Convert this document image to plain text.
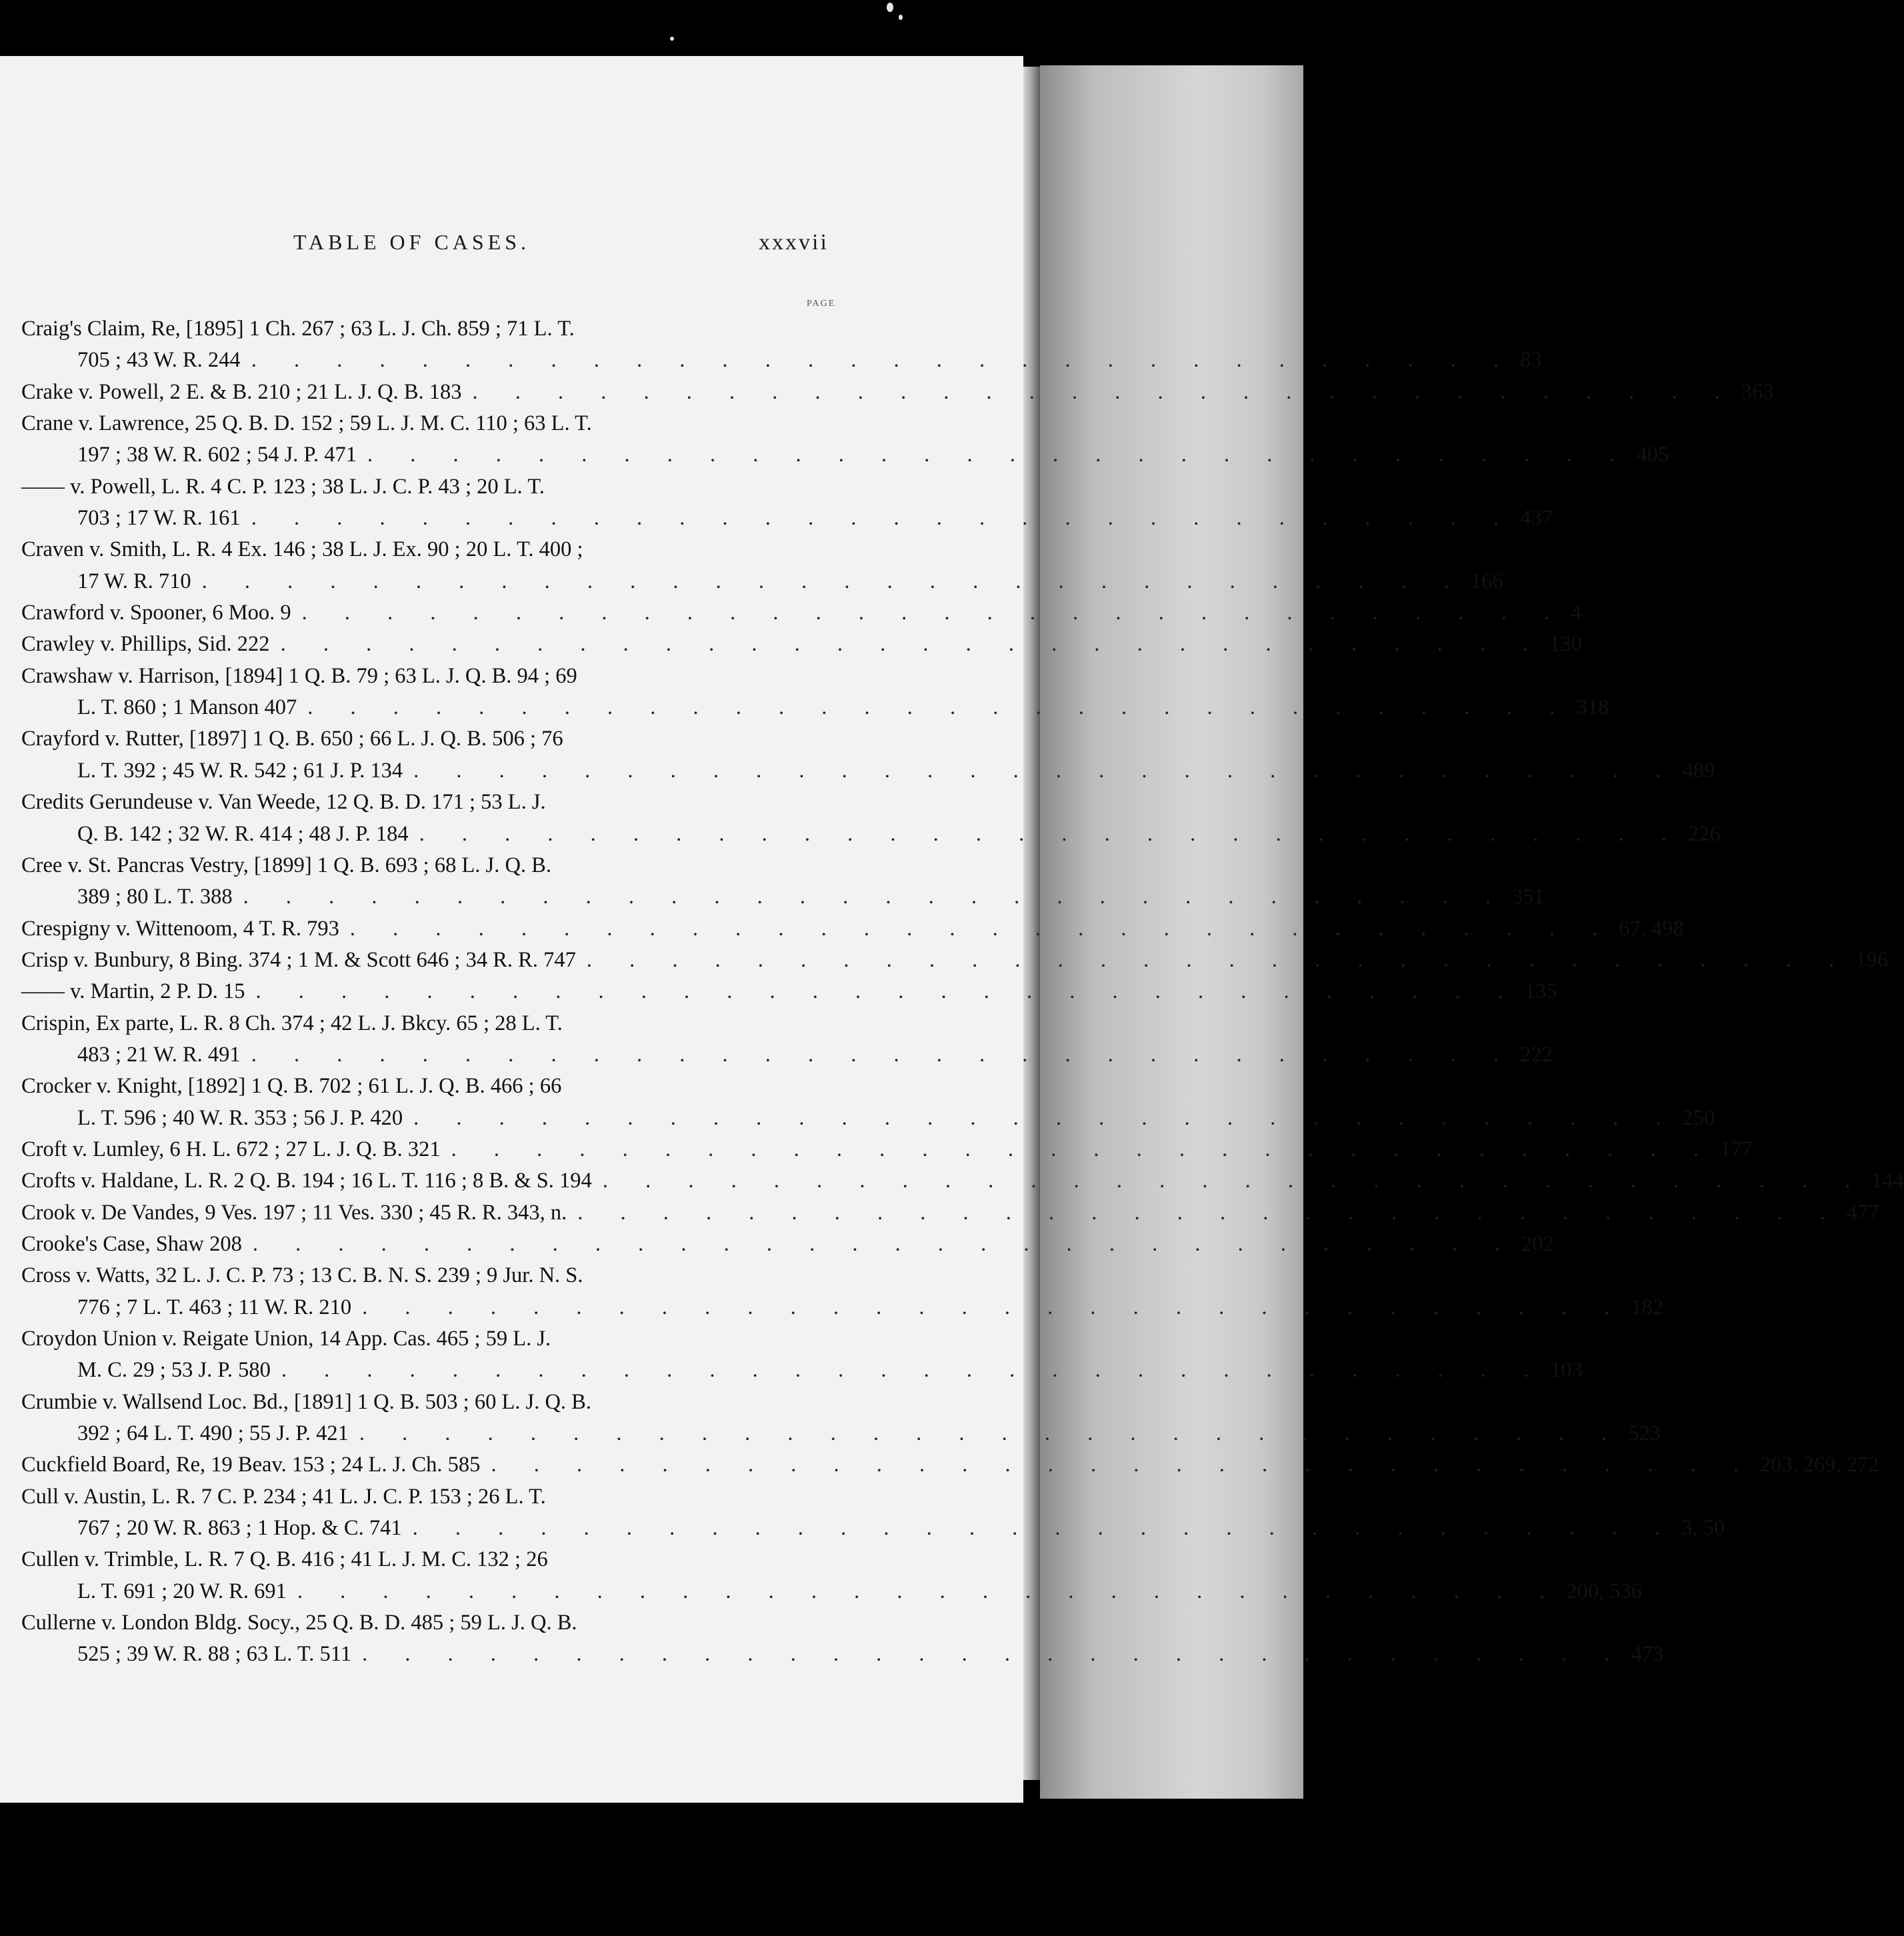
TABLE OF CASES.	xxxvii
PAGE
Craig's Claim, Re, [1895] 1 Ch. 267 ; 63 L. J. Ch. 859 ; 71 L. T.
705 ; 43 W. R. 244 . . . . . . . . . . . . . . . . . . . . . . . . . . . . . . 83
Crake v. Powell, 2 E. & B. 210 ; 21 L. J. Q. B. 183 . . . . . . . . . . . . . . . . . . . . . . . . . . . . . . 363
Crane v. Lawrence, 25 Q. B. D. 152 ; 59 L. J. M. C. 110 ; 63 L. T.
197 ; 38 W. R. 602 ; 54 J. P. 471 . . . . . . . . . . . . . . . . . . . . . . . . . . . . . . 405
—— v. Powell, L. R. 4 C. P. 123 ; 38 L. J. C. P. 43 ; 20 L. T.
703 ; 17 W. R. 161 . . . . . . . . . . . . . . . . . . . . . . . . . . . . . . 437
Craven v. Smith, L. R. 4 Ex. 146 ; 38 L. J. Ex. 90 ; 20 L. T. 400 ;
17 W. R. 710 . . . . . . . . . . . . . . . . . . . . . . . . . . . . . . 166
Crawford v. Spooner, 6 Moo. 9 . . . . . . . . . . . . . . . . . . . . . . . . . . . . . . 4
Crawley v. Phillips, Sid. 222 . . . . . . . . . . . . . . . . . . . . . . . . . . . . . . 130
Crawshaw v. Harrison, [1894] 1 Q. B. 79 ; 63 L. J. Q. B. 94 ; 69
L. T. 860 ; 1 Manson 407 . . . . . . . . . . . . . . . . . . . . . . . . . . . . . . 318
Crayford v. Rutter, [1897] 1 Q. B. 650 ; 66 L. J. Q. B. 506 ; 76
L. T. 392 ; 45 W. R. 542 ; 61 J. P. 134 . . . . . . . . . . . . . . . . . . . . . . . . . . . . . . 489
Credits Gerundeuse v. Van Weede, 12 Q. B. D. 171 ; 53 L. J.
Q. B. 142 ; 32 W. R. 414 ; 48 J. P. 184 . . . . . . . . . . . . . . . . . . . . . . . . . . . . . . 226
Cree v. St. Pancras Vestry, [1899] 1 Q. B. 693 ; 68 L. J. Q. B.
389 ; 80 L. T. 388 . . . . . . . . . . . . . . . . . . . . . . . . . . . . . . 351
Crespigny v. Wittenoom, 4 T. R. 793 . . . . . . . . . . . . . . . . . . . . . . . . . . . . . . 67, 498
Crisp v. Bunbury, 8 Bing. 374 ; 1 M. & Scott 646 ; 34 R. R. 747 . . . . . . . . . . . . . . . . . . . . . . . . . . . . . . 196
—— v. Martin, 2 P. D. 15 . . . . . . . . . . . . . . . . . . . . . . . . . . . . . . 135
Crispin, Ex parte, L. R. 8 Ch. 374 ; 42 L. J. Bkcy. 65 ; 28 L. T.
483 ; 21 W. R. 491 . . . . . . . . . . . . . . . . . . . . . . . . . . . . . . 222
Crocker v. Knight, [1892] 1 Q. B. 702 ; 61 L. J. Q. B. 466 ; 66
L. T. 596 ; 40 W. R. 353 ; 56 J. P. 420 . . . . . . . . . . . . . . . . . . . . . . . . . . . . . . 250
Croft v. Lumley, 6 H. L. 672 ; 27 L. J. Q. B. 321 . . . . . . . . . . . . . . . . . . . . . . . . . . . . . . 177
Crofts v. Haldane, L. R. 2 Q. B. 194 ; 16 L. T. 116 ; 8 B. & S. 194 . . . . . . . . . . . . . . . . . . . . . . . . . . . . . . 144
Crook v. De Vandes, 9 Ves. 197 ; 11 Ves. 330 ; 45 R. R. 343, n. . . . . . . . . . . . . . . . . . . . . . . . . . . . . . . 477
Crooke's Case, Shaw 208 . . . . . . . . . . . . . . . . . . . . . . . . . . . . . . 202
Cross v. Watts, 32 L. J. C. P. 73 ; 13 C. B. N. S. 239 ; 9 Jur. N. S.
776 ; 7 L. T. 463 ; 11 W. R. 210 . . . . . . . . . . . . . . . . . . . . . . . . . . . . . . 182
Croydon Union v. Reigate Union, 14 App. Cas. 465 ; 59 L. J.
M. C. 29 ; 53 J. P. 580 . . . . . . . . . . . . . . . . . . . . . . . . . . . . . . 103
Crumbie v. Wallsend Loc. Bd., [1891] 1 Q. B. 503 ; 60 L. J. Q. B.
392 ; 64 L. T. 490 ; 55 J. P. 421 . . . . . . . . . . . . . . . . . . . . . . . . . . . . . . 523
Cuckfield Board, Re, 19 Beav. 153 ; 24 L. J. Ch. 585 . . . . . . . . . . . . . . . . . . . . . . . . . . . . . . 203, 269, 272
Cull v. Austin, L. R. 7 C. P. 234 ; 41 L. J. C. P. 153 ; 26 L. T.
767 ; 20 W. R. 863 ; 1 Hop. & C. 741 . . . . . . . . . . . . . . . . . . . . . . . . . . . . . . 3, 50
Cullen v. Trimble, L. R. 7 Q. B. 416 ; 41 L. J. M. C. 132 ; 26
L. T. 691 ; 20 W. R. 691 . . . . . . . . . . . . . . . . . . . . . . . . . . . . . . 200, 536
Cullerne v. London Bldg. Socy., 25 Q. B. D. 485 ; 59 L. J. Q. B.
525 ; 39 W. R. 88 ; 63 L. T. 511 . . . . . . . . . . . . . . . . . . . . . . . . . . . . . . 473
